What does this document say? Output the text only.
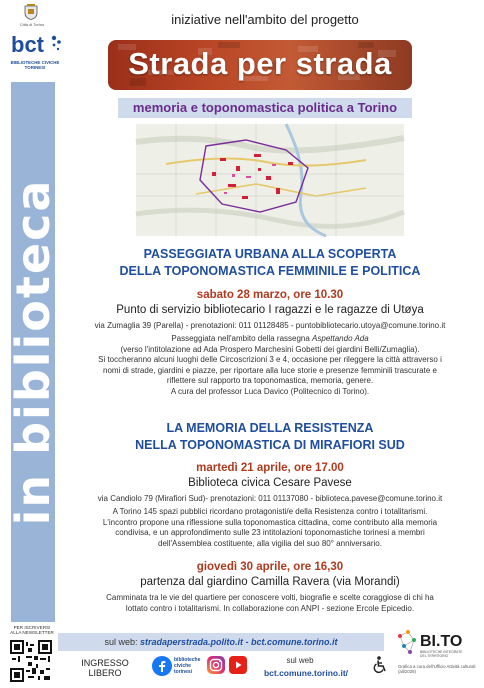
in biblioteca
Città di Torino
bct
BIBLIOTECHE CIVICHE TORINESI
iniziative nell'ambito del progetto
Strada per strada
memoria e toponomastica politica a Torino
PASSEGGIATA URBANA ALLA SCOPERTA
DELLA TOPONOMASTICA FEMMINILE E POLITICA
sabato 28 marzo, ore 10.30
Punto di servizio bibliotecario I ragazzi e le ragazze di Utøya
via Zumaglia 39 (Parella) - prenotazioni: 011 01128485 - puntobibliotecario.utoya@comune.torino.it
Passeggiata nell'ambito della rassegna Aspettando Ada
(verso l'intitolazione ad Ada Prospero Marchesini Gobetti dei giardini Belli/Zumaglia).
Si toccheranno alcuni luoghi delle Circoscrizioni 3 e 4, occasione per rileggere la città attraverso i
nomi di strade, giardini e piazze, per riportare alla luce storie e presenze femminili trascurate e
riflettere sul rapporto tra toponomastica, memoria, genere.
A cura del professor Luca Davico (Politecnico di Torino).
LA MEMORIA DELLA RESISTENZA
NELLA TOPONOMASTICA DI MIRAFIORI SUD
martedì 21 aprile, ore 17.00
Biblioteca civica Cesare Pavese
via Candiolo 79 (Mirafiori Sud)- prenotazioni: 011 01137080 - biblioteca.pavese@comune.torino.it
A Torino 145 spazi pubblici ricordano protagonisti/e della Resistenza contro i totalitarismi.
L'incontro propone una riflessione sulla toponomastica cittadina, come contributo alla memoria
condivisa, e un approfondimento sulle 23 intitolazioni toponomastiche torinesi a membri
dell'Assemblea costituente, alla vigilia del suo 80° anniversario.
giovedì 30 aprile, ore 16,30
partenza dal giardino Camilla Ravera (via Morandi)
Camminata tra le vie del quartiere per conoscere volti, biografie e scelte coraggiose di chi ha
lottato contro i totalitarismi. In collaborazione con ANPI - sezione Ercole Epicedio.
sul web: stradaperstrada.polito.it - bct.comune.torino.it
PER ISCRIVERSI ALLA NEWSLETTER
INGRESSO
LIBERO
biblioteche civiche torinesi
sul web
bct.comune.torino.it/
BI.TO
BIBLIOTECHE INTEGRATE
DEL TERRITORIO
Grafica a cura dell'Ufficio Attività culturali (all/2026)
